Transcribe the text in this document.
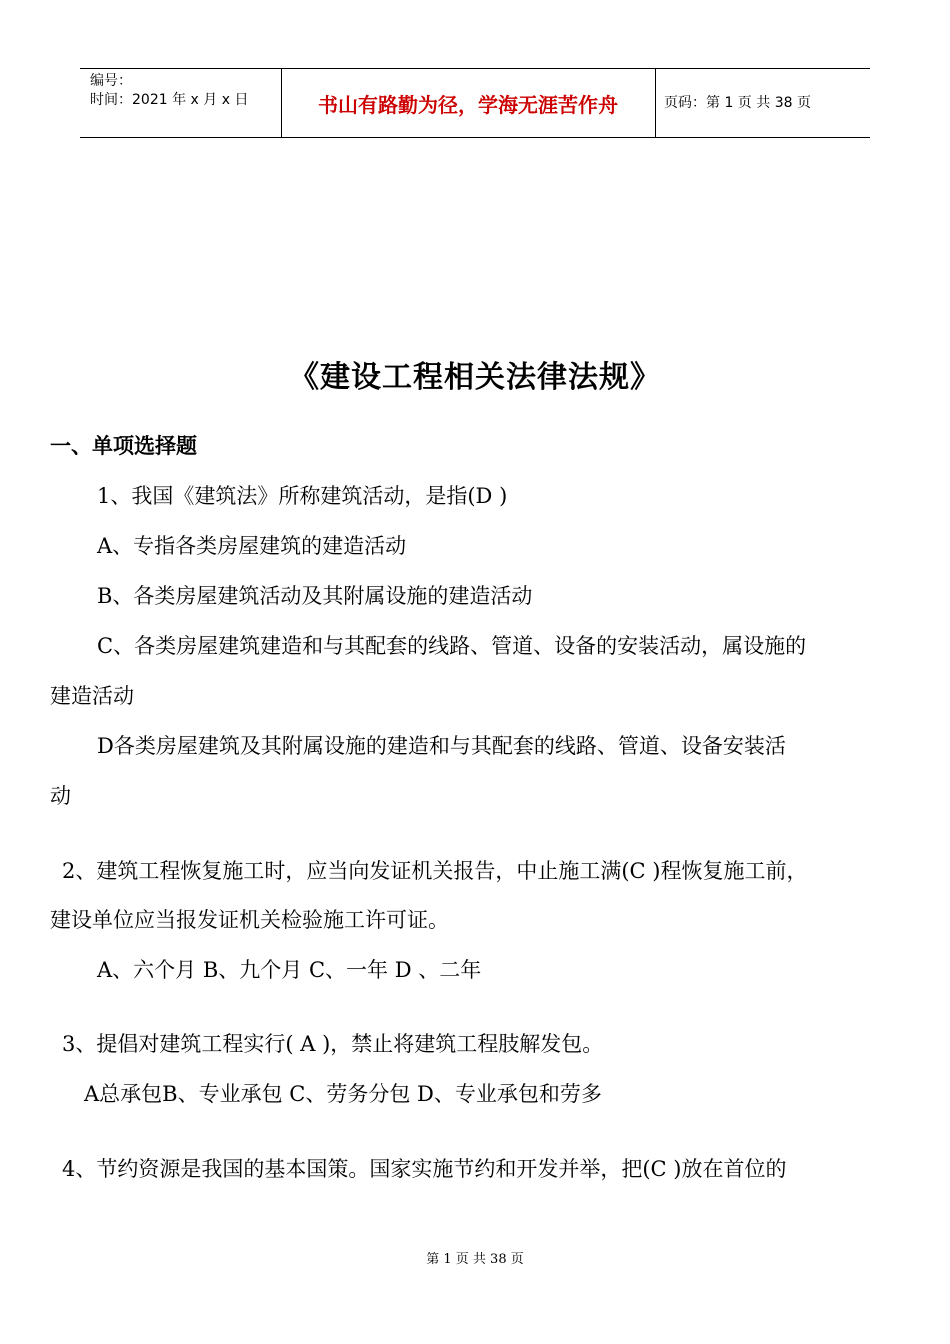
编号：
时间：2021 年 x 月 x 日	书山有路勤为径，学海无涯苦作舟	页码：第 1 页 共 38 页
《建设工程相关法律法规》
一、单项选择题
1、我国《建筑法》所称建筑活动，是指(D )
A、专指各类房屋建筑的建造活动
B、各类房屋建筑活动及其附属设施的建造活动
C、各类房屋建筑建造和与其配套的线路、管道、设备的安装活动，属设施的
建造活动
D各类房屋建筑及其附属设施的建造和与其配套的线路、管道、设备安装活
动
2、建筑工程恢复施工时，应当向发证机关报告，中止施工满(C )程恢复施工前，
建设单位应当报发证机关检验施工许可证。
A、六个月 B、九个月 C、一年 D 、二年
3、提倡对建筑工程实行( A )，禁止将建筑工程肢解发包。
A总承包B、专业承包 C、劳务分包 D、专业承包和劳多
4、节约资源是我国的基本国策。国家实施节约和开发并举，把(C )放在首位的
第 1 页 共 38 页
